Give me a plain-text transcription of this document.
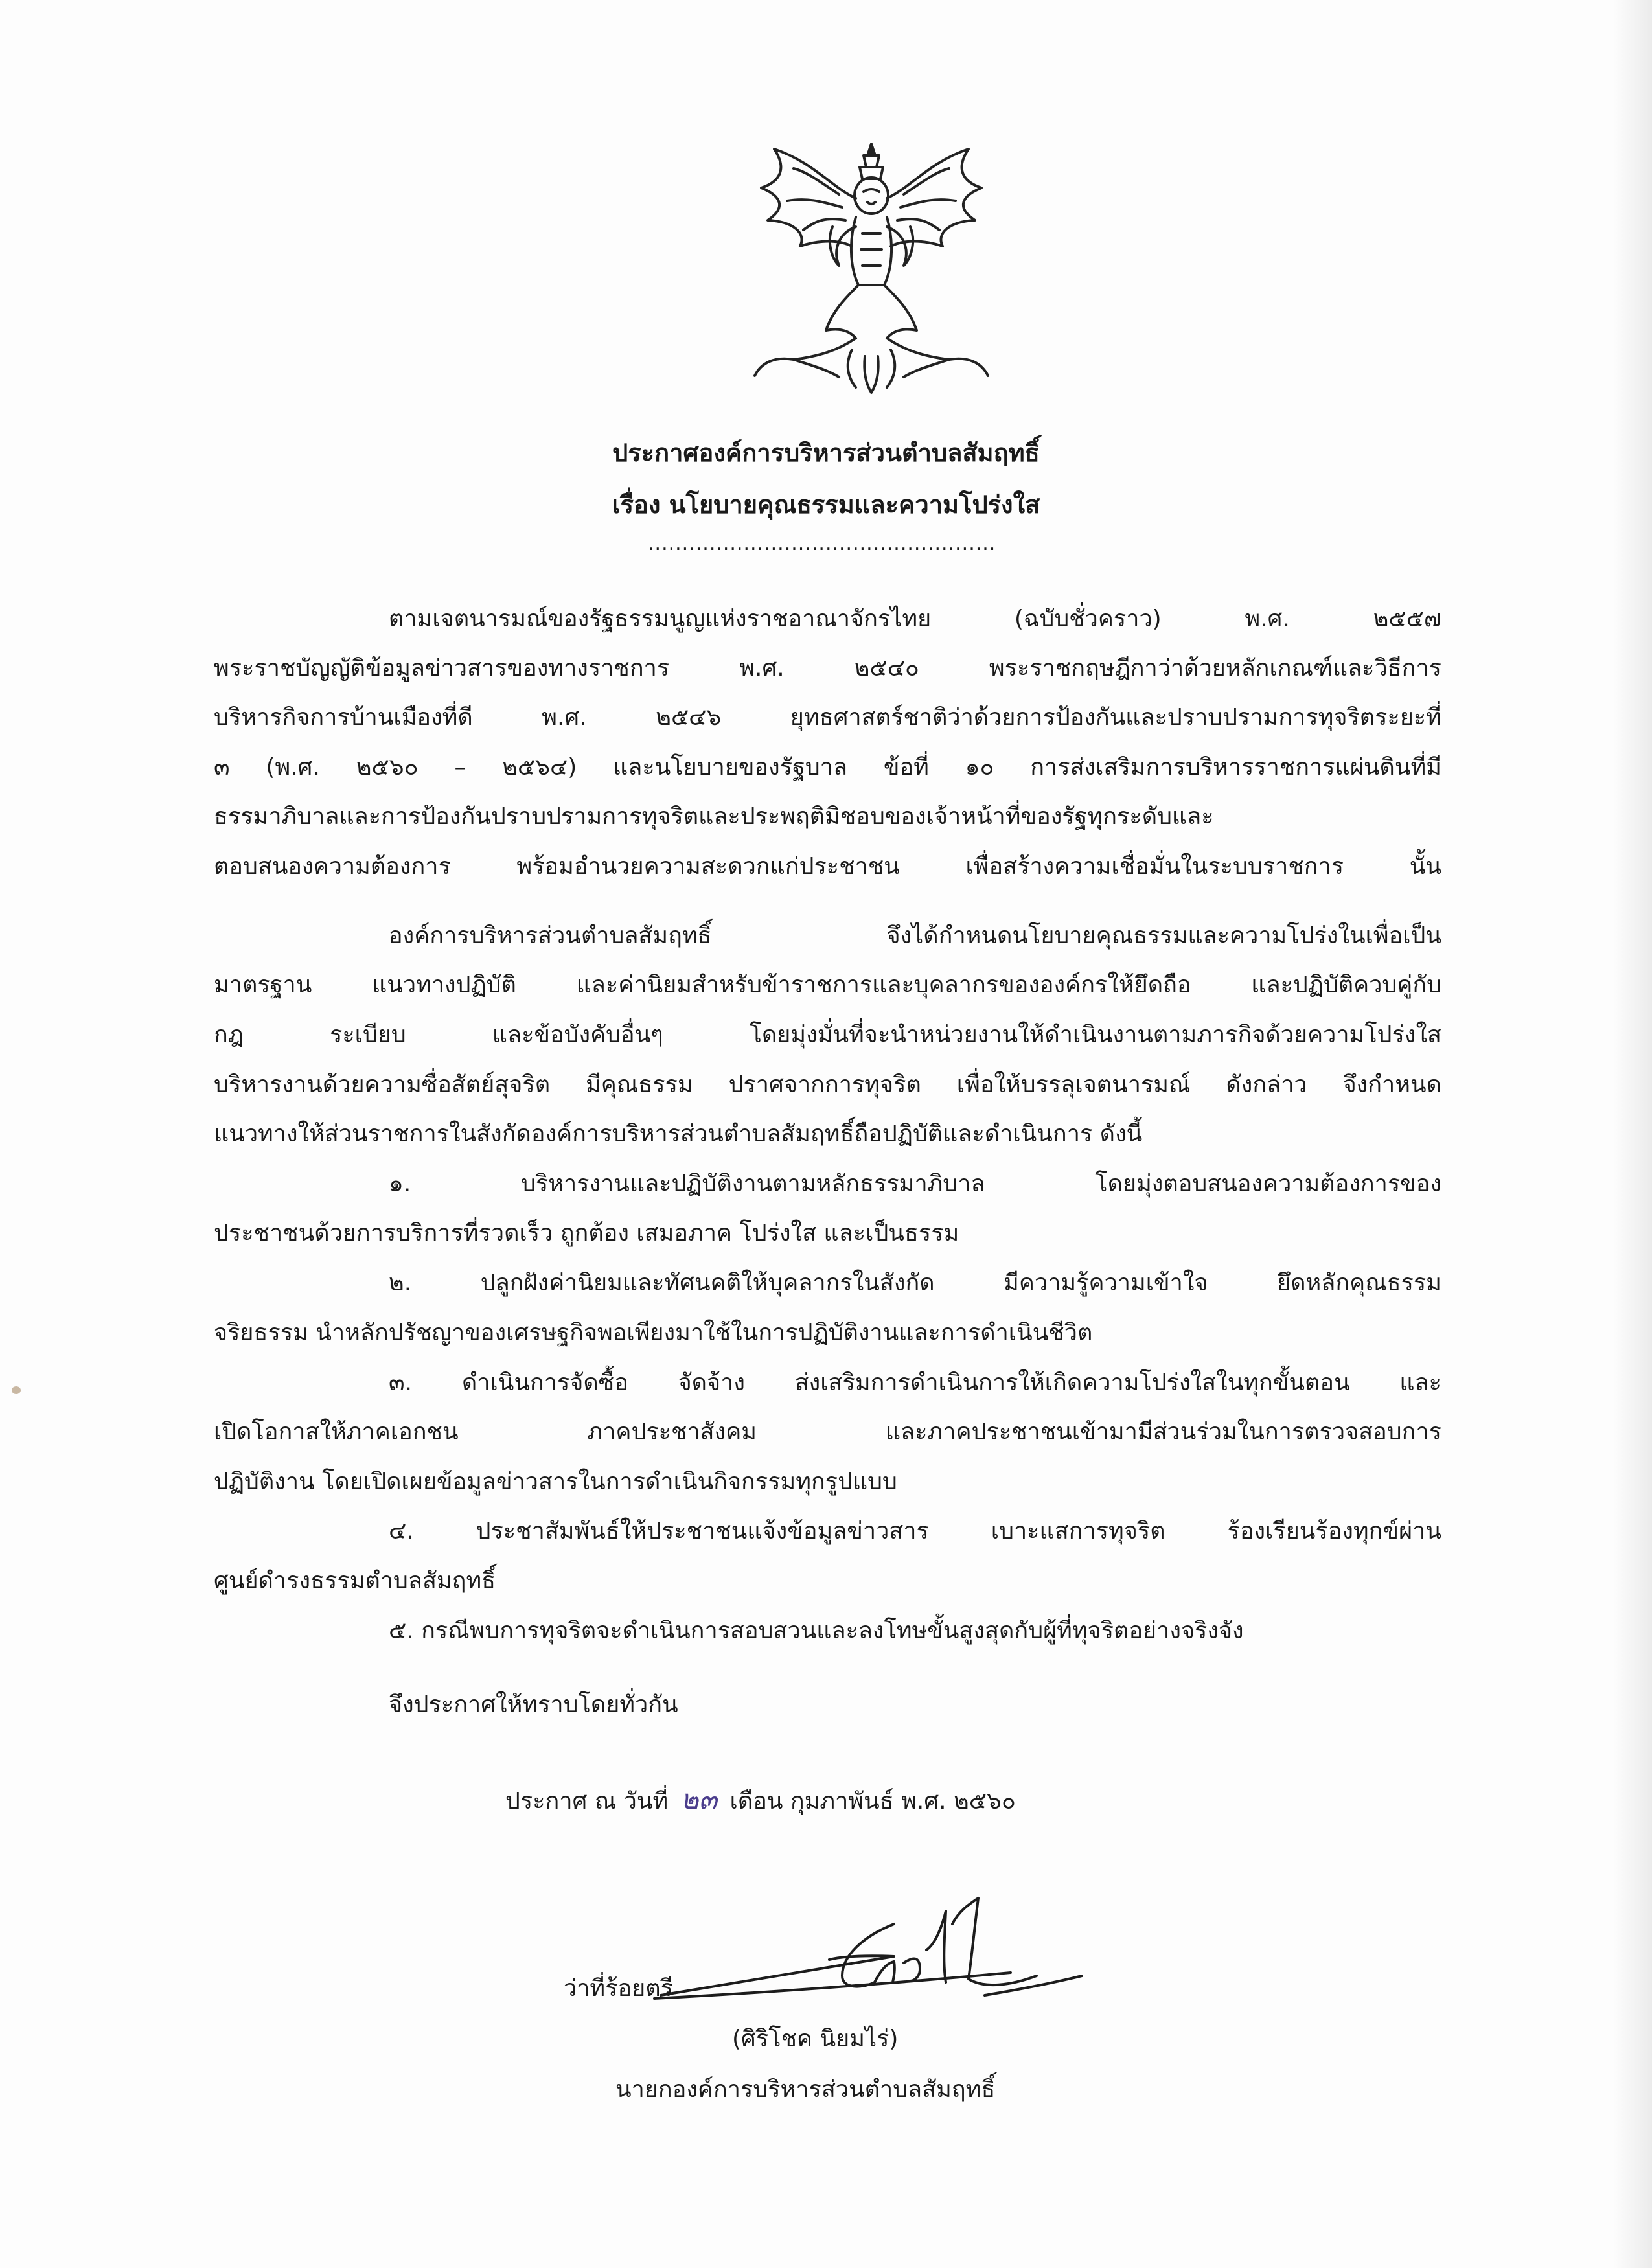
ประกาศองค์การบริหารส่วนตำบลสัมฤทธิ์
เรื่อง นโยบายคุณธรรมและความโปร่งใส
...................................................
ตามเจตนารมณ์ของรัฐธรรมนูญแห่งราชอาณาจักรไทย (ฉบับชั่วคราว) พ.ศ. ๒๕๕๗
พระราชบัญญัติข้อมูลข่าวสารของทางราชการ พ.ศ. ๒๕๔๐ พระราชกฤษฎีกาว่าด้วยหลักเกณฑ์และวิธีการ
บริหารกิจการบ้านเมืองที่ดี พ.ศ. ๒๕๔๖ ยุทธศาสตร์ชาติว่าด้วยการป้องกันและปราบปรามการทุจริตระยะที่
๓ (พ.ศ. ๒๕๖๐ – ๒๕๖๔) และนโยบายของรัฐบาล ข้อที่ ๑๐ การส่งเสริมการบริหารราชการแผ่นดินที่มี
ธรรมาภิบาลและการป้องกันปราบปรามการทุจริตและประพฤติมิชอบของเจ้าหน้าที่ของรัฐทุกระดับและ
ตอบสนองความต้องการ พร้อมอำนวยความสะดวกแก่ประชาชน เพื่อสร้างความเชื่อมั่นในระบบราชการ นั้น
องค์การบริหารส่วนตำบลสัมฤทธิ์ จึงได้กำหนดนโยบายคุณธรรมและความโปร่งในเพื่อเป็น
มาตรฐาน แนวทางปฏิบัติ และค่านิยมสำหรับข้าราชการและบุคลากรขององค์กรให้ยึดถือ และปฏิบัติควบคู่กับ
กฎ ระเบียบ และข้อบังคับอื่นๆ โดยมุ่งมั่นที่จะนำหน่วยงานให้ดำเนินงานตามภารกิจด้วยความโปร่งใส
บริหารงานด้วยความซื่อสัตย์สุจริต มีคุณธรรม ปราศจากการทุจริต เพื่อให้บรรลุเจตนารมณ์ ดังกล่าว จึงกำหนด
แนวทางให้ส่วนราชการในสังกัดองค์การบริหารส่วนตำบลสัมฤทธิ์ถือปฏิบัติและดำเนินการ ดังนี้
๑. บริหารงานและปฏิบัติงานตามหลักธรรมาภิบาล โดยมุ่งตอบสนองความต้องการของ
ประชาชนด้วยการบริการที่รวดเร็ว ถูกต้อง เสมอภาค โปร่งใส และเป็นธรรม
๒. ปลูกฝังค่านิยมและทัศนคติให้บุคลากรในสังกัด มีความรู้ความเข้าใจ ยึดหลักคุณธรรม
จริยธรรม นำหลักปรัชญาของเศรษฐกิจพอเพียงมาใช้ในการปฏิบัติงานและการดำเนินชีวิต
๓. ดำเนินการจัดซื้อ จัดจ้าง ส่งเสริมการดำเนินการให้เกิดความโปร่งใสในทุกขั้นตอน และ
เปิดโอกาสให้ภาคเอกชน ภาคประชาสังคม และภาคประชาชนเข้ามามีส่วนร่วมในการตรวจสอบการ
ปฏิบัติงาน โดยเปิดเผยข้อมูลข่าวสารในการดำเนินกิจกรรมทุกรูปแบบ
๔. ประชาสัมพันธ์ให้ประชาชนแจ้งข้อมูลข่าวสาร เบาะแสการทุจริต ร้องเรียนร้องทุกข์ผ่าน
ศูนย์ดำรงธรรมตำบลสัมฤทธิ์
๕. กรณีพบการทุจริตจะดำเนินการสอบสวนและลงโทษขั้นสูงสุดกับผู้ที่ทุจริตอย่างจริงจัง
จึงประกาศให้ทราบโดยทั่วกัน
ประกาศ ณ วันที่ ๒๓ เดือน กุมภาพันธ์ พ.ศ. ๒๕๖๐
ว่าที่ร้อยตรี
(ศิริโชค นิยมไร่)
นายกองค์การบริหารส่วนตำบลสัมฤทธิ์
